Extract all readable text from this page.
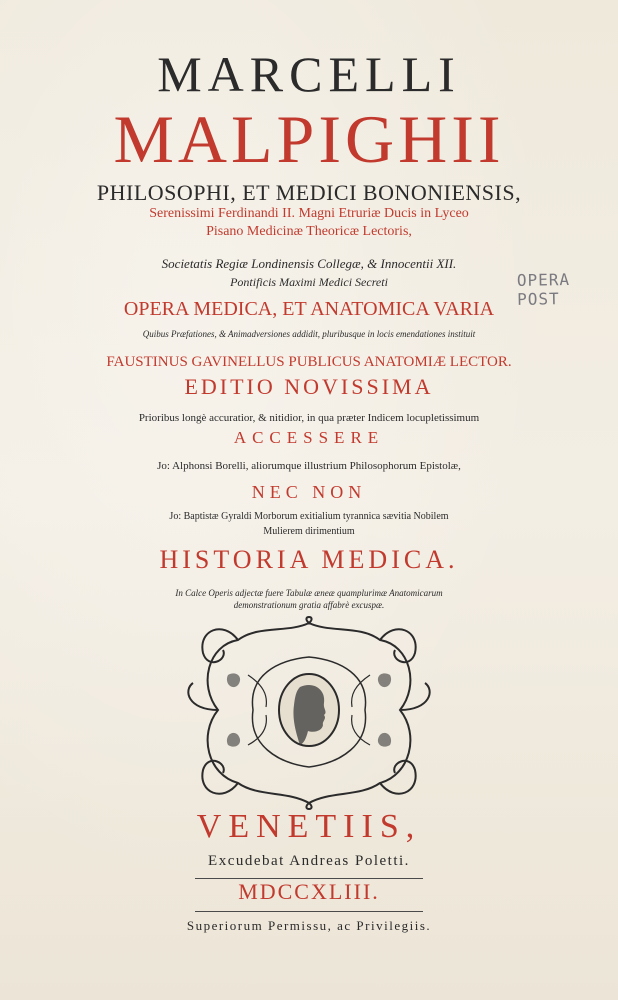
MARCELLI
MALPIGHII
PHILOSOPHI, ET MEDICI BONONIENSIS,
Serenissimi Ferdinandi II. Magni Etruriæ Ducis in Lyceo
Pisano Medicinæ Theoricæ Lectoris,
Societatis Regiæ Londinensis Collegæ, & Innocentii XII.
Pontificis Maximi Medici Secreti	OPERA POST
OPERA MEDICA, ET ANATOMICA VARIA
Quibus Præfationes, & Animadversiones addidit, pluribusque in locis emendationes instituit
FAUSTINUS GAVINELLUS PUBLICUS ANATOMIÆ LECTOR.
EDITIO NOVISSIMA
Prioribus longè accuratior, & nitidior, in qua præter Indicem locupletissimum
ACCESSERE
Jo: Alphonsi Borelli, aliorumque illustrium Philosophorum Epistolæ,
NEC NON
Jo: Baptistæ Gyraldi Morborum exitialium tyrannica sævitia Nobilem
Mulierem dirimentium
HISTORIA MEDICA.
In Calce Operis adjectæ fuere Tabulæ æneæ quamplurimæ Anatomicarum
demonstrationum gratia affabrè excuspæ.
VENETIIS,
Excudebat Andreas Poletti.
MDCCXLIII.
Superiorum Permissu, ac Privilegiis.
